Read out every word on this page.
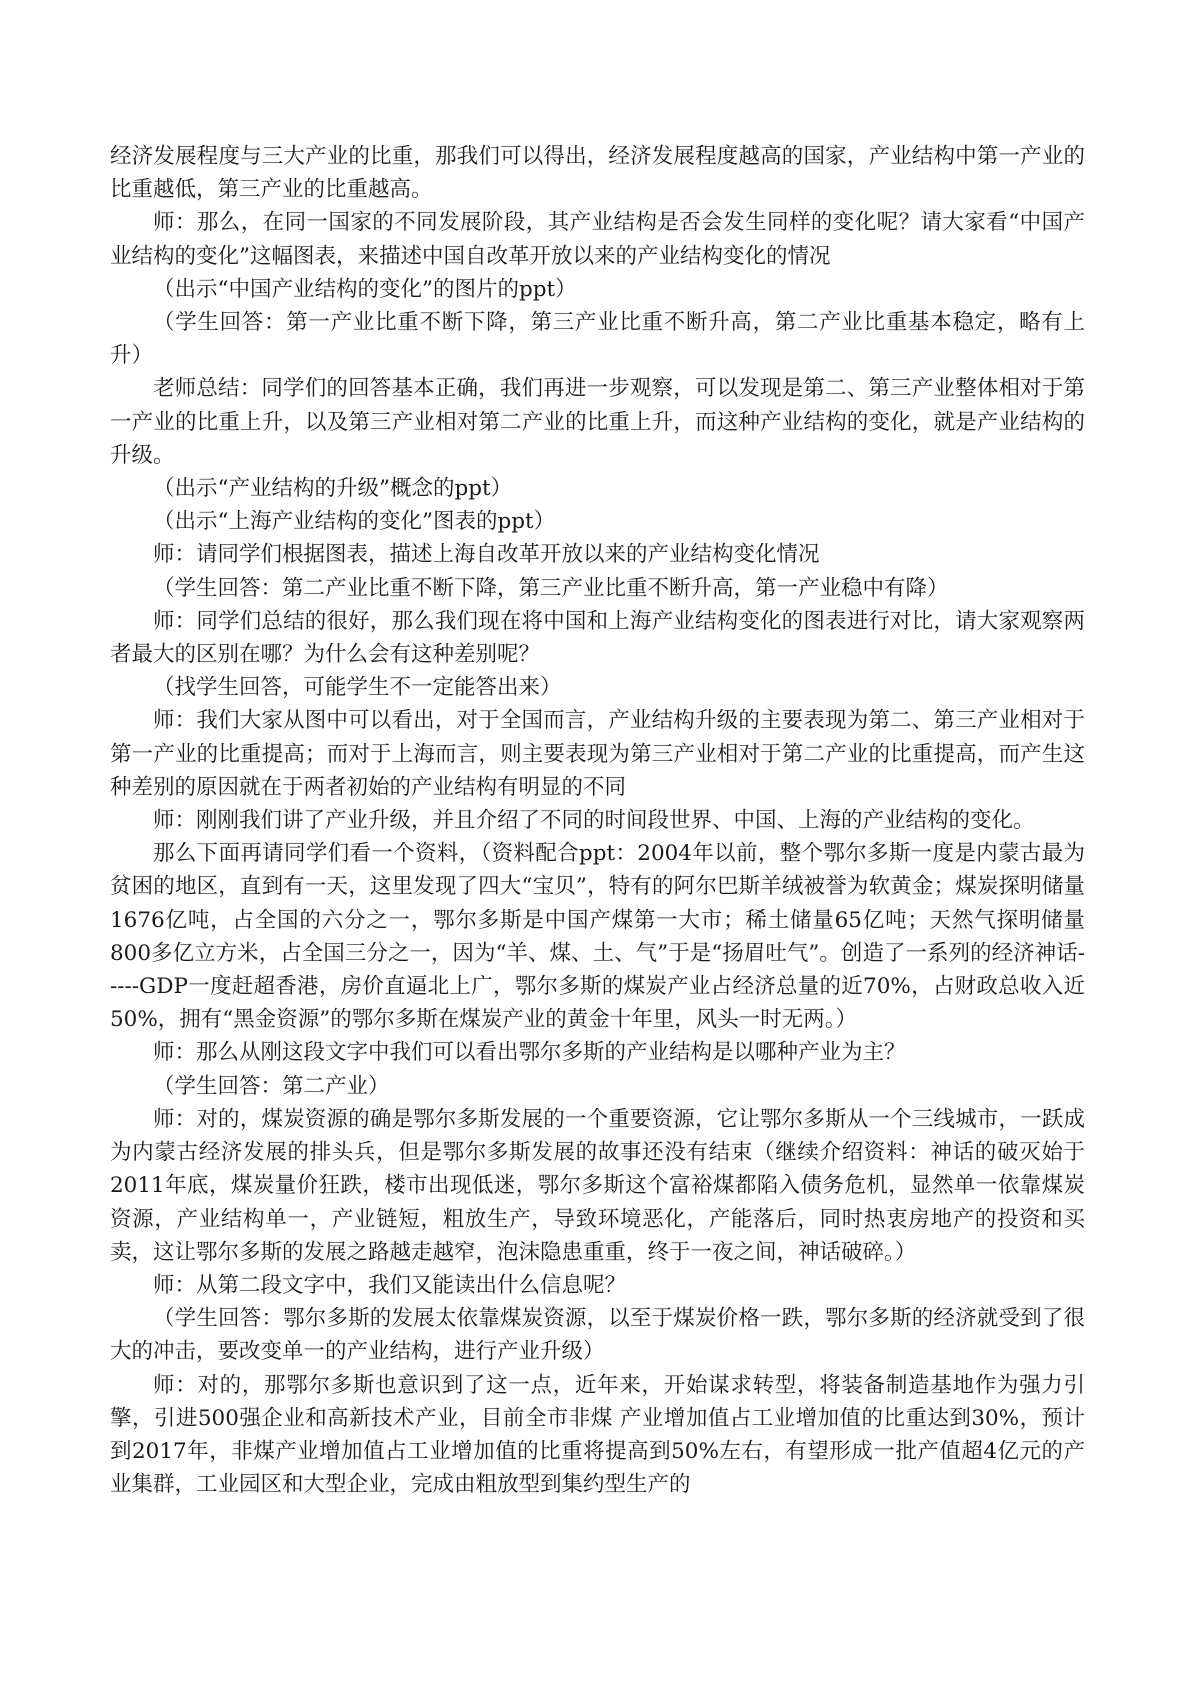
经济发展程度与三大产业的比重，那我们可以得出，经济发展程度越高的国家，产业结构中第一产业的比重越低，第三产业的比重越高。

师：那么，在同一国家的不同发展阶段，其产业结构是否会发生同样的变化呢？请大家看“中国产业结构的变化”这幅图表，来描述中国自改革开放以来的产业结构变化的情况

（出示“中国产业结构的变化”的图片的ppt）

（学生回答：第一产业比重不断下降，第三产业比重不断升高，第二产业比重基本稳定，略有上升）

老师总结：同学们的回答基本正确，我们再进一步观察，可以发现是第二、第三产业整体相对于第一产业的比重上升，以及第三产业相对第二产业的比重上升，而这种产业结构的变化，就是产业结构的升级。

（出示“产业结构的升级”概念的ppt）

（出示“上海产业结构的变化”图表的ppt）

师：请同学们根据图表，描述上海自改革开放以来的产业结构变化情况

（学生回答：第二产业比重不断下降，第三产业比重不断升高，第一产业稳中有降）

师：同学们总结的很好，那么我们现在将中国和上海产业结构变化的图表进行对比，请大家观察两者最大的区别在哪？为什么会有这种差别呢？

（找学生回答，可能学生不一定能答出来）

师：我们大家从图中可以看出，对于全国而言，产业结构升级的主要表现为第二、第三产业相对于第一产业的比重提高；而对于上海而言，则主要表现为第三产业相对于第二产业的比重提高，而产生这种差别的原因就在于两者初始的产业结构有明显的不同

师：刚刚我们讲了产业升级，并且介绍了不同的时间段世界、中国、上海的产业结构的变化。

那么下面再请同学们看一个资料，（资料配合ppt：2004年以前，整个鄂尔多斯一度是内蒙古最为贫困的地区，直到有一天，这里发现了四大“宝贝”，特有的阿尔巴斯羊绒被誉为软黄金；煤炭探明储量1676亿吨，占全国的六分之一，鄂尔多斯是中国产煤第一大市；稀土储量65亿吨；天然气探明储量800多亿立方米，占全国三分之一，因为“羊、煤、土、气”于是“扬眉吐气”。创造了一系列的经济神话-----GDP一度赶超香港，房价直逼北上广，鄂尔多斯的煤炭产业占经济总量的近70%，占财政总收入近50%，拥有“黑金资源”的鄂尔多斯在煤炭产业的黄金十年里，风头一时无两。）

师：那么从刚这段文字中我们可以看出鄂尔多斯的产业结构是以哪种产业为主？

（学生回答：第二产业）

师：对的，煤炭资源的确是鄂尔多斯发展的一个重要资源，它让鄂尔多斯从一个三线城市，一跃成为内蒙古经济发展的排头兵，但是鄂尔多斯发展的故事还没有结束（继续介绍资料：神话的破灭始于2011年底，煤炭量价狂跌，楼市出现低迷，鄂尔多斯这个富裕煤都陷入债务危机，显然单一依靠煤炭资源，产业结构单一，产业链短，粗放生产，导致环境恶化，产能落后，同时热衷房地产的投资和买卖，这让鄂尔多斯的发展之路越走越窄，泡沫隐患重重，终于一夜之间，神话破碎。）

师：从第二段文字中，我们又能读出什么信息呢？

（学生回答：鄂尔多斯的发展太依靠煤炭资源，以至于煤炭价格一跌，鄂尔多斯的经济就受到了很大的冲击，要改变单一的产业结构，进行产业升级）

师：对的，那鄂尔多斯也意识到了这一点，近年来，开始谋求转型，将装备制造基地作为强力引擎，引进500强企业和高新技术产业，目前全市非煤 产业增加值占工业增加值的比重达到30%，预计到2017年，非煤产业增加值占工业增加值的比重将提高到50%左右，有望形成一批产值超4亿元的产业集群，工业园区和大型企业，完成由粗放型到集约型生产的
